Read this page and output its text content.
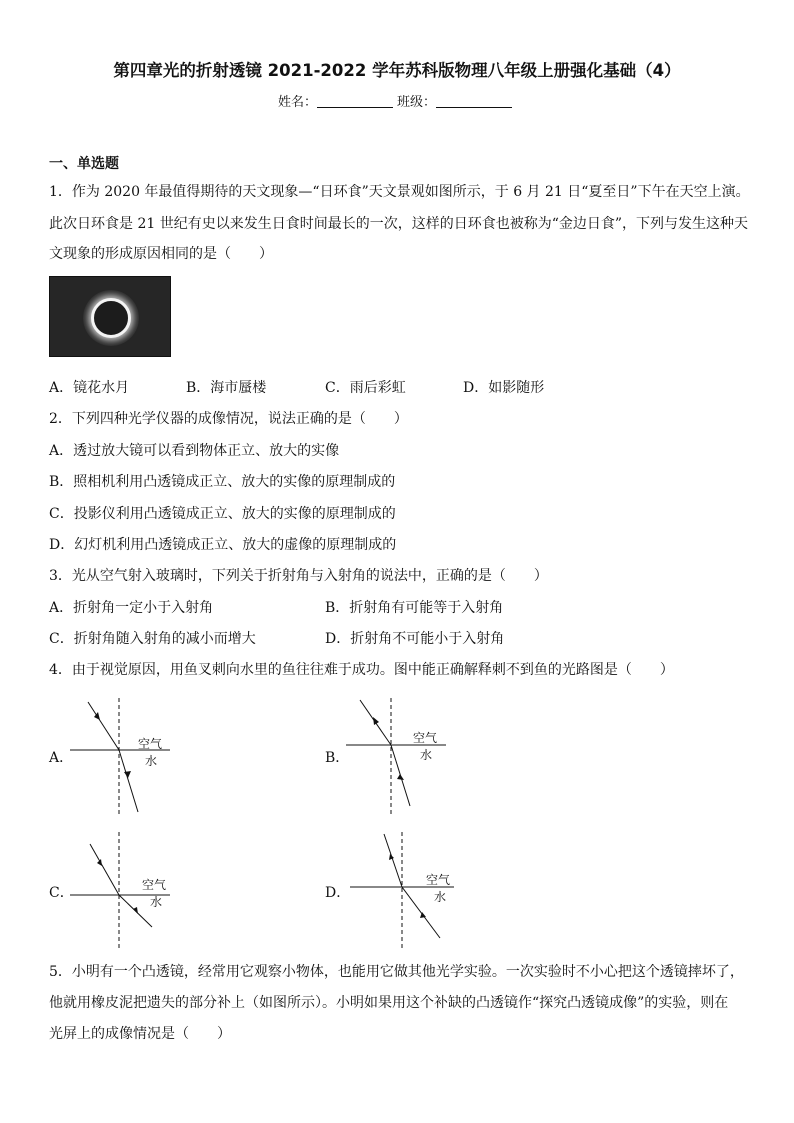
第四章光的折射透镜 2021-2022 学年苏科版物理八年级上册强化基础（4）
姓名：	班级：
一、单选题
1．作为 2020 年最值得期待的天文现象—“日环食”天文景观如图所示，于 6 月 21 日“夏至日”下午在天空上演。
此次日环食是 21 世纪有史以来发生日食时间最长的一次，这样的日环食也被称为“金边日食”，下列与发生这种天
文现象的形成原因相同的是（　　）
A．镜花水月	B．海市蜃楼	C．雨后彩虹	D．如影随形
2．下列四种光学仪器的成像情况，说法正确的是（　　）
A．透过放大镜可以看到物体正立、放大的实像
B．照相机利用凸透镜成正立、放大的实像的原理制成的
C．投影仪利用凸透镜成正立、放大的实像的原理制成的
D．幻灯机利用凸透镜成正立、放大的虚像的原理制成的
3．光从空气射入玻璃时，下列关于折射角与入射角的说法中，正确的是（　　）
A．折射角一定小于入射角	B．折射角有可能等于入射角
C．折射角随入射角的减小而增大	D．折射角不可能小于入射角
4．由于视觉原因，用鱼叉刺向水里的鱼往往难于成功。图中能正确解释刺不到鱼的光路图是（　　）
A．	B．
C．	D．
空气
水
空气
水
空气
水
空气
水
5．小明有一个凸透镜，经常用它观察小物体，也能用它做其他光学实验。一次实验时不小心把这个透镜摔坏了，
他就用橡皮泥把遗失的部分补上（如图所示）。小明如果用这个补缺的凸透镜作“探究凸透镜成像”的实验，则在
光屏上的成像情况是（　　）
